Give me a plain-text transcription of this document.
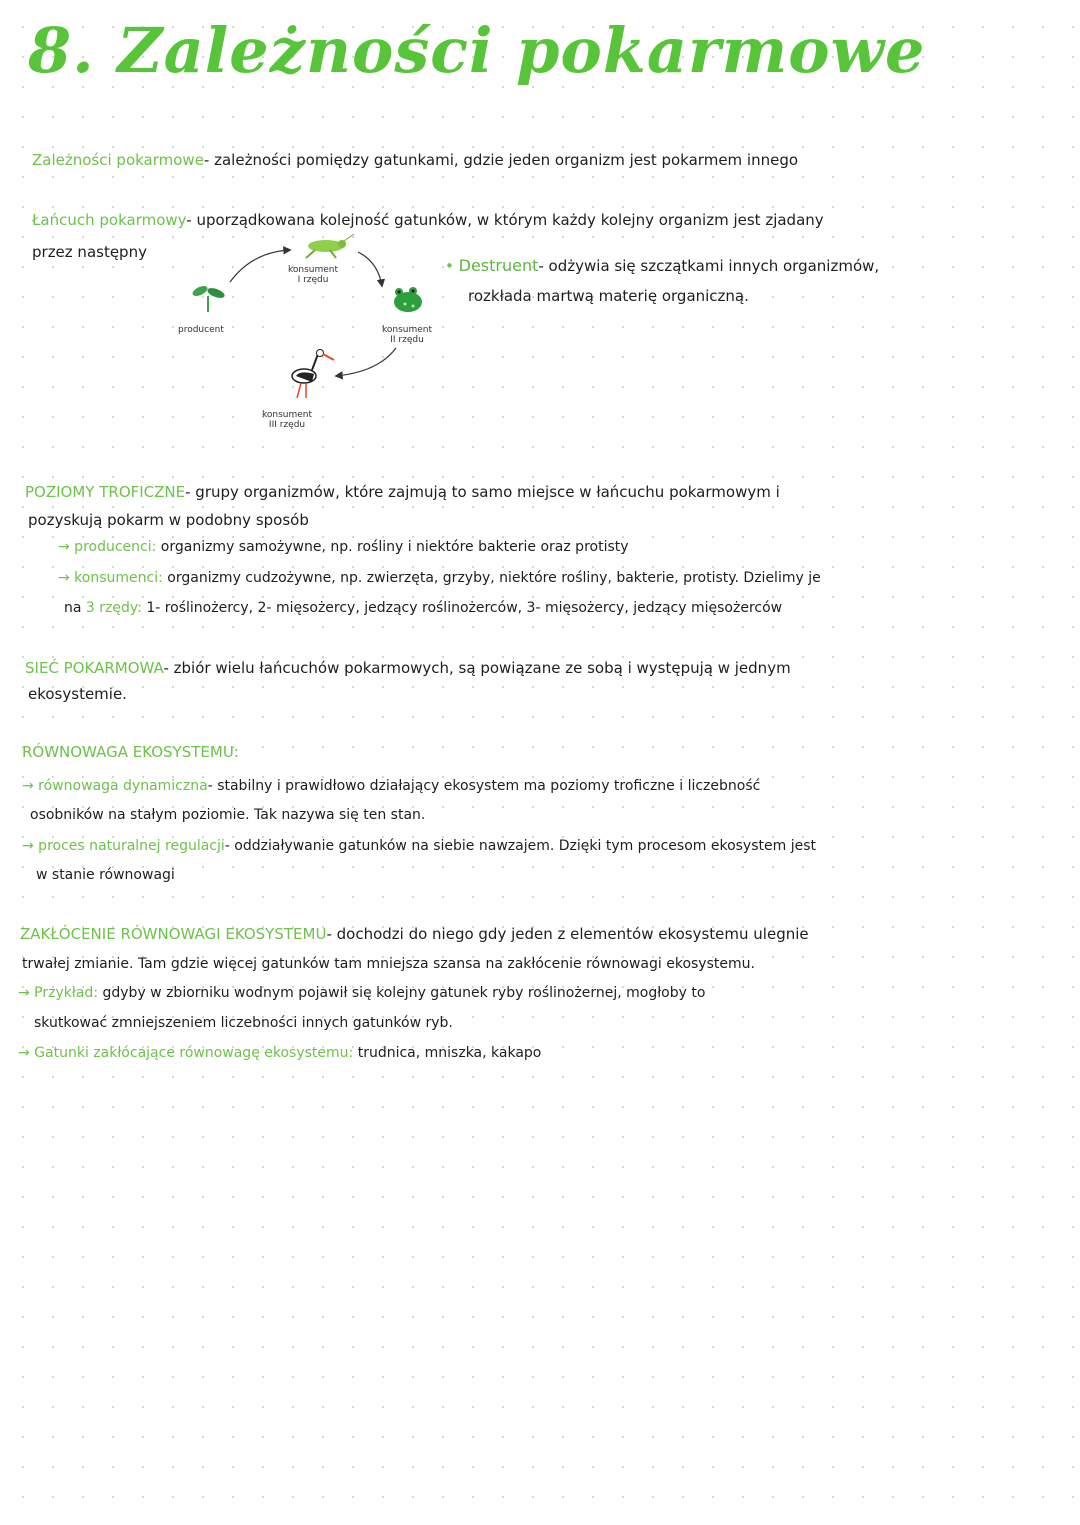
8. Zależności pokarmowe
Zależności pokarmowe- zależności pomiędzy gatunkami, gdzie jeden organizm jest pokarmem innego
Łańcuch pokarmowy- uporządkowana kolejność gatunków, w którym każdy kolejny organizm jest zjadany
przez następny
• Destruent- odżywia się szczątkami innych organizmów,
rozkłada martwą materię organiczną.
producent
konsument
I rzędu
konsument
II rzędu
konsument
III rzędu
POZIOMY TROFICZNE- grupy organizmów, które zajmują to samo miejsce w łańcuchu pokarmowym i
pozyskują pokarm w podobny sposób
→ producenci: organizmy samożywne, np. rośliny i niektóre bakterie oraz protisty
→ konsumenci: organizmy cudzożywne, np. zwierzęta, grzyby, niektóre rośliny, bakterie, protisty. Dzielimy je
na 3 rzędy: 1- roślinożercy, 2- mięsożercy, jedzący roślinożerców, 3- mięsożercy, jedzący mięsożerców
SIEĆ POKARMOWA- zbiór wielu łańcuchów pokarmowych, są powiązane ze sobą i występują w jednym
ekosystemie.
RÓWNOWAGA EKOSYSTEMU:
→ równowaga dynamiczna- stabilny i prawidłowo działający ekosystem ma poziomy troficzne i liczebność
osobników na stałym poziomie. Tak nazywa się ten stan.
→ proces naturalnej regulacji- oddziaływanie gatunków na siebie nawzajem. Dzięki tym procesom ekosystem jest
w stanie równowagi
ZAKŁÓCENIE RÓWNOWAGI EKOSYSTEMU- dochodzi do niego gdy jeden z elementów ekosystemu ulegnie
trwałej zmianie. Tam gdzie więcej gatunków tam mniejsza szansa na zakłócenie równowagi ekosystemu.
→ Przykład: gdyby w zbiorniku wodnym pojawił się kolejny gatunek ryby roślinożernej, mogłoby to
skutkować zmniejszeniem liczebności innych gatunków ryb.
→ Gatunki zakłócające równowagę ekosystemu: trudnica, mniszka, kakapo
